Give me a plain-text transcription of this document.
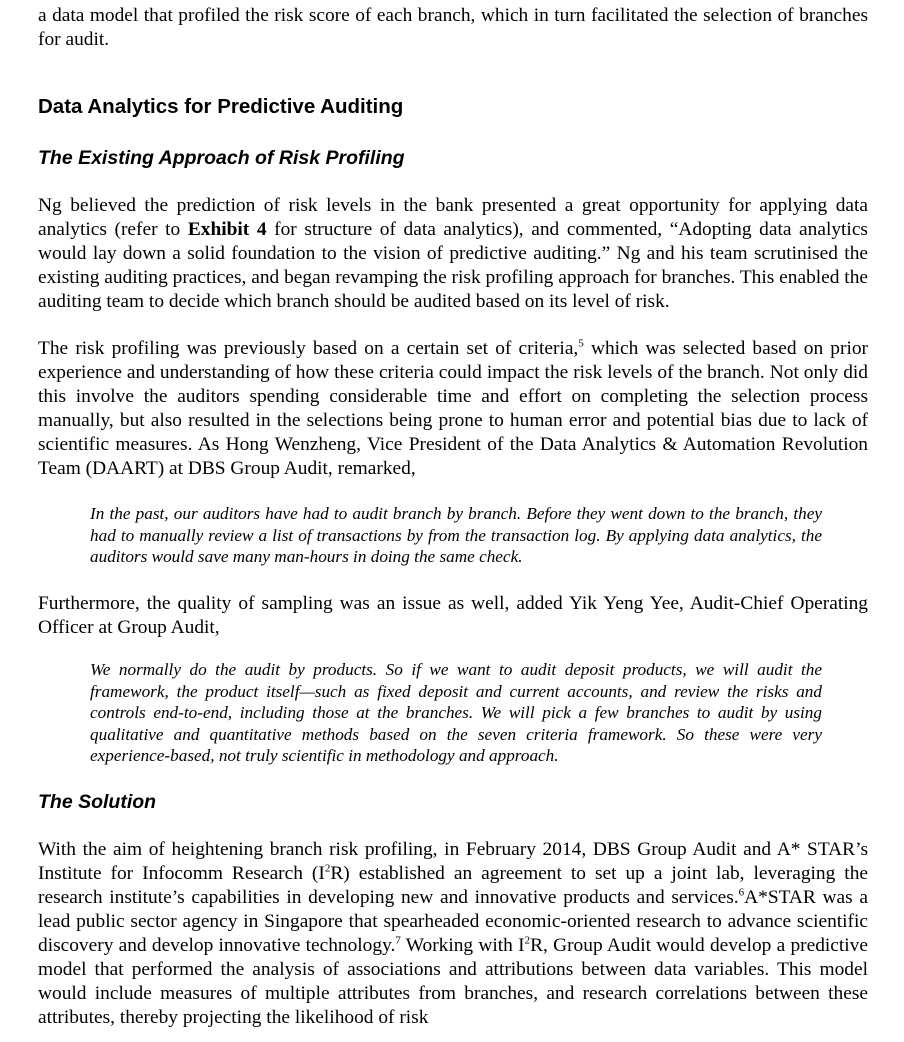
a data model that profiled the risk score of each branch, which in turn facilitated the selection of branches for audit.

Data Analytics for Predictive Auditing
The Existing Approach of Risk Profiling

Ng believed the prediction of risk levels in the bank presented a great opportunity for applying data analytics (refer to Exhibit 4 for structure of data analytics), and commented, “Adopting data analytics would lay down a solid foundation to the vision of predictive auditing.” Ng and his team scrutinised the existing auditing practices, and began revamping the risk profiling approach for branches. This enabled the auditing team to decide which branch should be audited based on its level of risk.

The risk profiling was previously based on a certain set of criteria,$^5$ which was selected based on prior experience and understanding of how these criteria could impact the risk levels of the branch. Not only did this involve the auditors spending considerable time and effort on completing the selection process manually, but also resulted in the selections being prone to human error and potential bias due to lack of scientific measures. As Hong Wenzheng, Vice President of the Data Analytics & Automation Revolution Team (DAART) at DBS Group Audit, remarked,

In the past, our auditors have had to audit branch by branch. Before they went down to the branch, they had to manually review a list of transactions by from the transaction log. By applying data analytics, the auditors would save many man-hours in doing the same check.

Furthermore, the quality of sampling was an issue as well, added Yik Yeng Yee, Audit-Chief Operating Officer at Group Audit,

We normally do the audit by products. So if we want to audit deposit products, we will audit the framework, the product itself—such as fixed deposit and current accounts, and review the risks and controls end-to-end, including those at the branches. We will pick a few branches to audit by using qualitative and quantitative methods based on the seven criteria framework. So these were very experience-based, not truly scientific in methodology and approach.

The Solution

With the aim of heightening branch risk profiling, in February 2014, DBS Group Audit and A* STAR’s Institute for Infocomm Research $(I^2R)$ established an agreement to set up a joint lab, leveraging the research institute’s capabilities in developing new and innovative products and services.$^6$A*STAR was a lead public sector agency in Singapore that spearheaded economic-oriented research to advance scientific discovery and develop innovative technology.$^7$ Working with $I^2R$, Group Audit would develop a predictive model that performed the analysis of associations and attributions between data variables. This model would include measures of multiple attributes from branches, and research correlations between these attributes, thereby projecting the likelihood of risk
